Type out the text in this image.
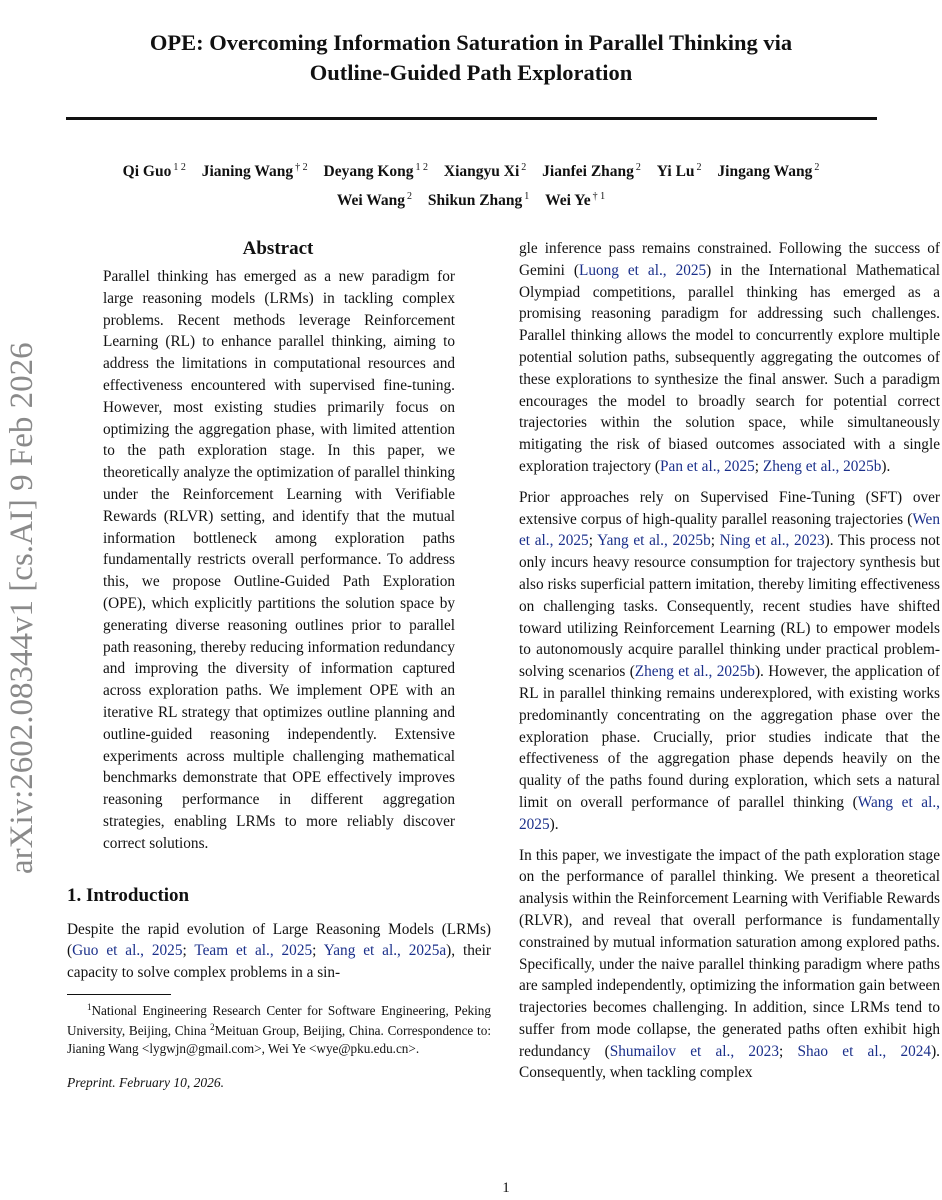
OPE: Overcoming Information Saturation in Parallel Thinking via
Outline-Guided Path Exploration
Qi Guo $^{1 2}$ Jianing Wang $^{\dagger 2}$ Deyang Kong $^{1 2}$ Xiangyu Xi $^2$ Jianfei Zhang $^2$ Yi Lu $^2$ Jingang Wang $^2$
Wei Wang $^2$ Shikun Zhang $^1$ Wei Ye $^{\dagger 1}$
arXiv:2602.08344v1 [cs.AI] 9 Feb 2026
Abstract

Parallel thinking has emerged as a new paradigm for large reasoning models (LRMs) in tackling complex problems. Recent methods leverage Reinforcement Learning (RL) to enhance parallel thinking, aiming to address the limitations in computational resources and effectiveness encountered with supervised fine-tuning. However, most existing studies primarily focus on optimizing the aggregation phase, with limited attention to the path exploration stage. In this paper, we theoretically analyze the optimization of parallel thinking under the Reinforcement Learning with Verifiable Rewards (RLVR) setting, and identify that the mutual information bottleneck among exploration paths fundamentally restricts overall performance. To address this, we propose Outline-Guided Path Exploration (OPE), which explicitly partitions the solution space by generating diverse reasoning outlines prior to parallel path reasoning, thereby reducing information redundancy and improving the diversity of information captured across exploration paths. We implement OPE with an iterative RL strategy that optimizes outline planning and outline-guided reasoning independently. Extensive experiments across multiple challenging mathematical benchmarks demonstrate that OPE effectively improves reasoning performance in different aggregation strategies, enabling LRMs to more reliably discover correct solutions.

1. Introduction

Despite the rapid evolution of Large Reasoning Models (LRMs) (Guo et al., 2025; Team et al., 2025; Yang et al., 2025a), their capacity to solve complex problems in a sin-

$^1$National Engineering Research Center for Software Engineering, Peking University, Beijing, China $^2$Meituan Group, Beijing, China. Correspondence to: Jianing Wang <lygwjn@gmail.com>, Wei Ye <wye@pku.edu.cn>.
Preprint. February 10, 2026.

gle inference pass remains constrained. Following the success of Gemini (Luong et al., 2025) in the International Mathematical Olympiad competitions, parallel thinking has emerged as a promising reasoning paradigm for addressing such challenges. Parallel thinking allows the model to concurrently explore multiple potential solution paths, subsequently aggregating the outcomes of these explorations to synthesize the final answer. Such a paradigm encourages the model to broadly search for potential correct trajectories within the solution space, while simultaneously mitigating the risk of biased outcomes associated with a single exploration trajectory (Pan et al., 2025; Zheng et al., 2025b).

Prior approaches rely on Supervised Fine-Tuning (SFT) over extensive corpus of high-quality parallel reasoning trajectories (Wen et al., 2025; Yang et al., 2025b; Ning et al., 2023). This process not only incurs heavy resource consumption for trajectory synthesis but also risks superficial pattern imitation, thereby limiting effectiveness on challenging tasks. Consequently, recent studies have shifted toward utilizing Reinforcement Learning (RL) to empower models to autonomously acquire parallel thinking under practical problem-solving scenarios (Zheng et al., 2025b). However, the application of RL in parallel thinking remains underexplored, with existing works predominantly concentrating on the aggregation phase over the exploration phase. Crucially, prior studies indicate that the effectiveness of the aggregation phase depends heavily on the quality of the paths found during exploration, which sets a natural limit on overall performance of parallel thinking (Wang et al., 2025).

In this paper, we investigate the impact of the path exploration stage on the performance of parallel thinking. We present a theoretical analysis within the Reinforcement Learning with Verifiable Rewards (RLVR), and reveal that overall performance is fundamentally constrained by mutual information saturation among explored paths. Specifically, under the naive parallel thinking paradigm where paths are sampled independently, optimizing the information gain between trajectories becomes challenging. In addition, since LRMs tend to suffer from mode collapse, the generated paths often exhibit high redundancy (Shumailov et al., 2023; Shao et al., 2024). Consequently, when tackling complex

1
